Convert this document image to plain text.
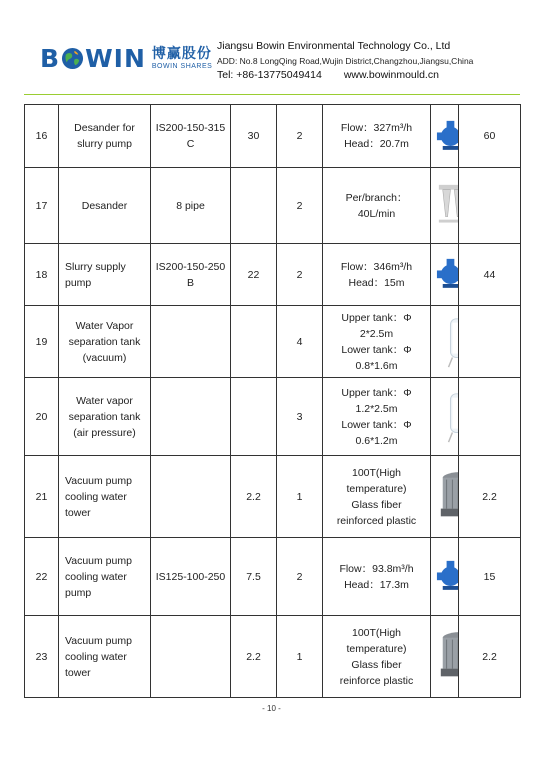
B WIN 博赢股份
BOWIN SHARES
Jiangsu Bowin Environmental Technology Co., Ltd
ADD: No.8 LongQing Road,Wujin District,Changzhou,Jiangsu,China
Tel: +86-13775049414 www.bowinmould.cn
16	Desander for slurry pump	IS200-150-315 C	30	2	Flow：327m³/h
Head：20.7m		60
17	Desander	8 pipe		2	Per/branch：
40L/min	

18	Slurry supply pump	IS200-150-250 B	22	2	Flow：346m³/h
Head：15m		44
19	Water Vapor separation tank (vacuum)			4	Upper tank：Φ
2*2.5m
Lower tank：Φ
0.8*1.6m	

20	Water vapor separation tank (air pressure)			3	Upper tank：Φ
1.2*2.5m
Lower tank：Φ
0.6*1.2m	

21	Vacuum pump cooling water tower		2.2	1	100T(High
temperature)
Glass fiber
reinforced plastic		2.2
22	Vacuum pump cooling water pump	IS125-100-250	7.5	2	Flow：93.8m³/h
Head：17.3m		15
23	Vacuum pump cooling water tower		2.2	1	100T(High
temperature)
Glass fiber
reinforce plastic		2.2
- 10 -
